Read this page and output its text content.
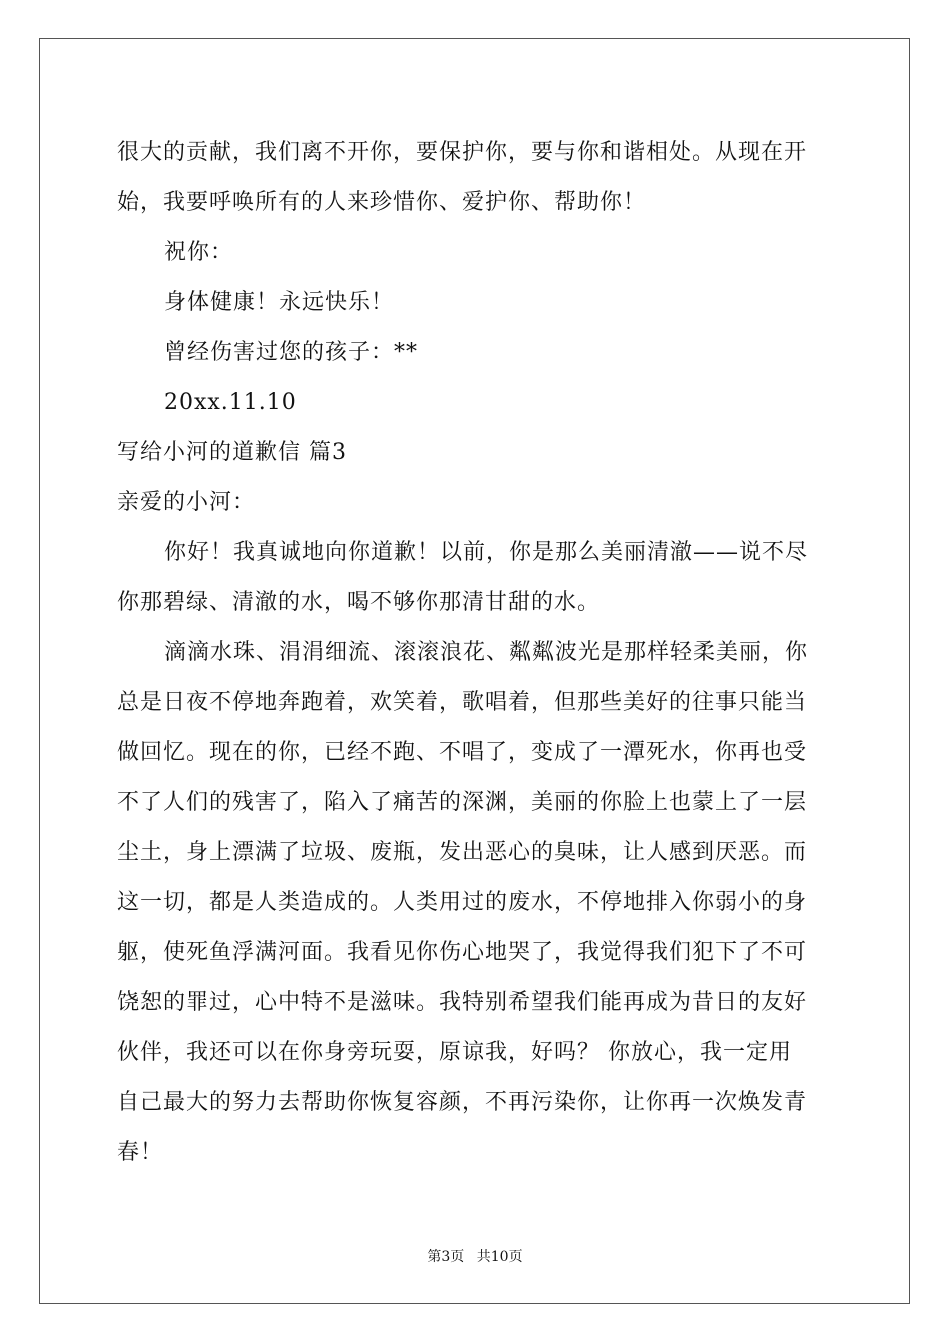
很大的贡献，我们离不开你，要保护你，要与你和谐相处。从现在开
始，我要呼唤所有的人来珍惜你、爱护你、帮助你！
祝你：
身体健康！永远快乐！
曾经伤害过您的孩子：**
20xx.11.10
写给小河的道歉信 篇3
亲爱的小河：
你好！我真诚地向你道歉！以前，你是那么美丽清澈——说不尽
你那碧绿、清澈的水，喝不够你那清甘甜的水。
滴滴水珠、涓涓细流、滚滚浪花、粼粼波光是那样轻柔美丽，你
总是日夜不停地奔跑着，欢笑着，歌唱着，但那些美好的往事只能当
做回忆。现在的你，已经不跑、不唱了，变成了一潭死水，你再也受
不了人们的残害了，陷入了痛苦的深渊，美丽的你脸上也蒙上了一层
尘土，身上漂满了垃圾、废瓶，发出恶心的臭味，让人感到厌恶。而
这一切，都是人类造成的。人类用过的废水，不停地排入你弱小的身
躯，使死鱼浮满河面。我看见你伤心地哭了，我觉得我们犯下了不可
饶恕的罪过，心中特不是滋味。我特别希望我们能再成为昔日的友好
伙伴，我还可以在你身旁玩耍，原谅我，好吗？ 你放心，我一定用
自己最大的努力去帮助你恢复容颜，不再污染你，让你再一次焕发青
春！
第3页 共10页
